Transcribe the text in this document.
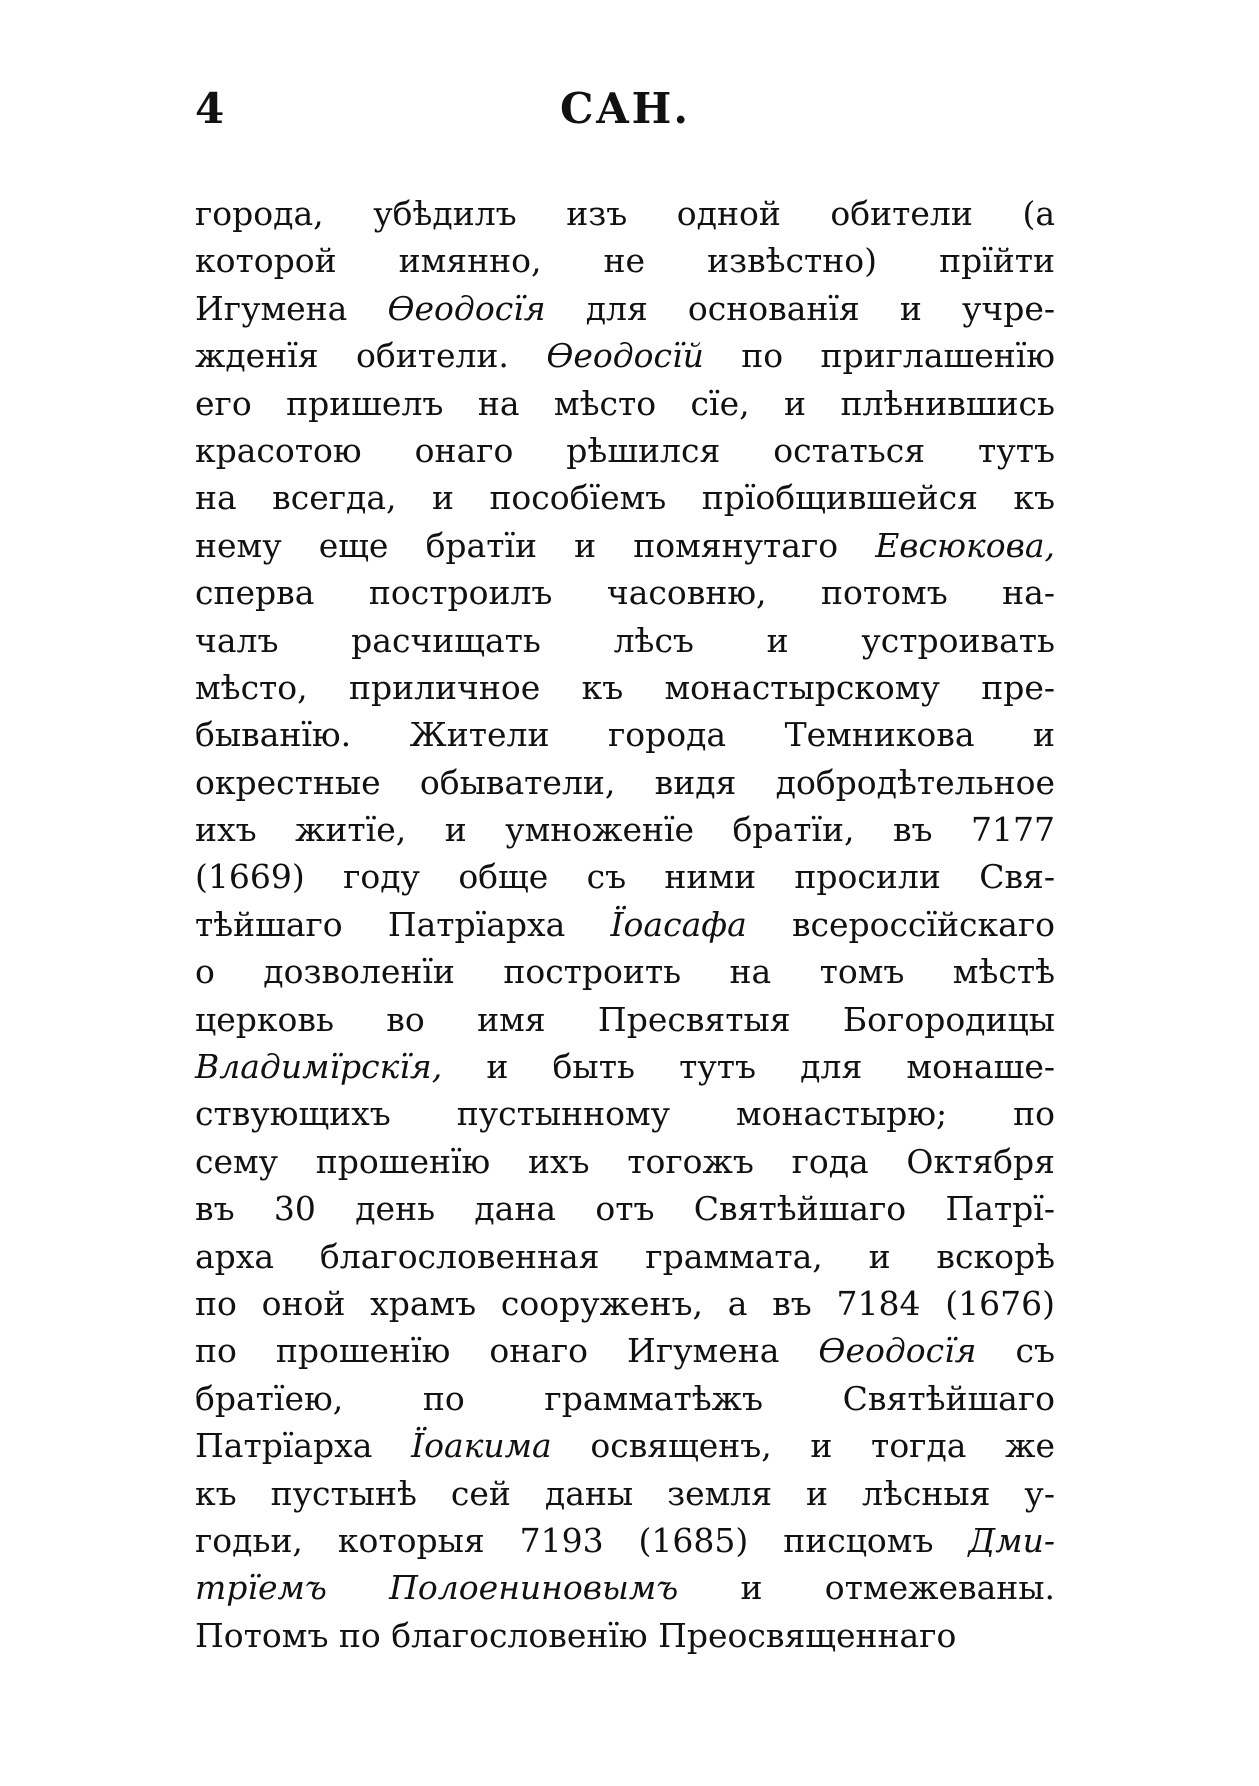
4	САН.
города, убѣдилъ изъ одной обители (а
которой имянно, не извѣстно) прїйти
Игумена Ѳеодосїя для основанїя и учре-
жденїя обители. Ѳеодосїй по приглашенїю
его пришелъ на мѣсто сїе, и плѣнившись
красотою онаго рѣшился остаться тутъ
на всегда, и пособїемъ прїобщившейся къ
нему еще братїи и помянутаго Евсюкова,
сперва построилъ часовню, потомъ на-
чалъ расчищать лѣсъ и устроивать
мѣсто, приличное къ монастырскому пре-
быванїю. Жители города Темникова и
окрестные обыватели, видя добродѣтельное
ихъ житїе, и умноженїе братїи, въ 7177
(1669) году обще съ ними просили Свя-
тѣйшаго Патрїарха Їоасафа всероссїйскаго
о дозволенїи построить на томъ мѣстѣ
церковь во имя Пресвятыя Богородицы
Владимїрскїя, и быть тутъ для монаше-
ствующихъ пустынному монастырю; по
сему прошенїю ихъ тогожъ года Октября
въ 30 день дана отъ Святѣйшаго Патрї-
арха благословенная граммата, и вскорѣ
по оной храмъ сооруженъ, а въ 7184 (1676)
по прошенїю онаго Игумена Ѳеодосїя съ
братїею, по грамматѣжъ Святѣйшаго
Патрїарха Їоакима освященъ, и тогда же
къ пустынѣ сей даны земля и лѣсныя у-
годьи, которыя 7193 (1685) писцомъ Дми-
трїемъ Полоениновымъ и отмежеваны.
Потомъ по благословенїю Преосвященнаго
